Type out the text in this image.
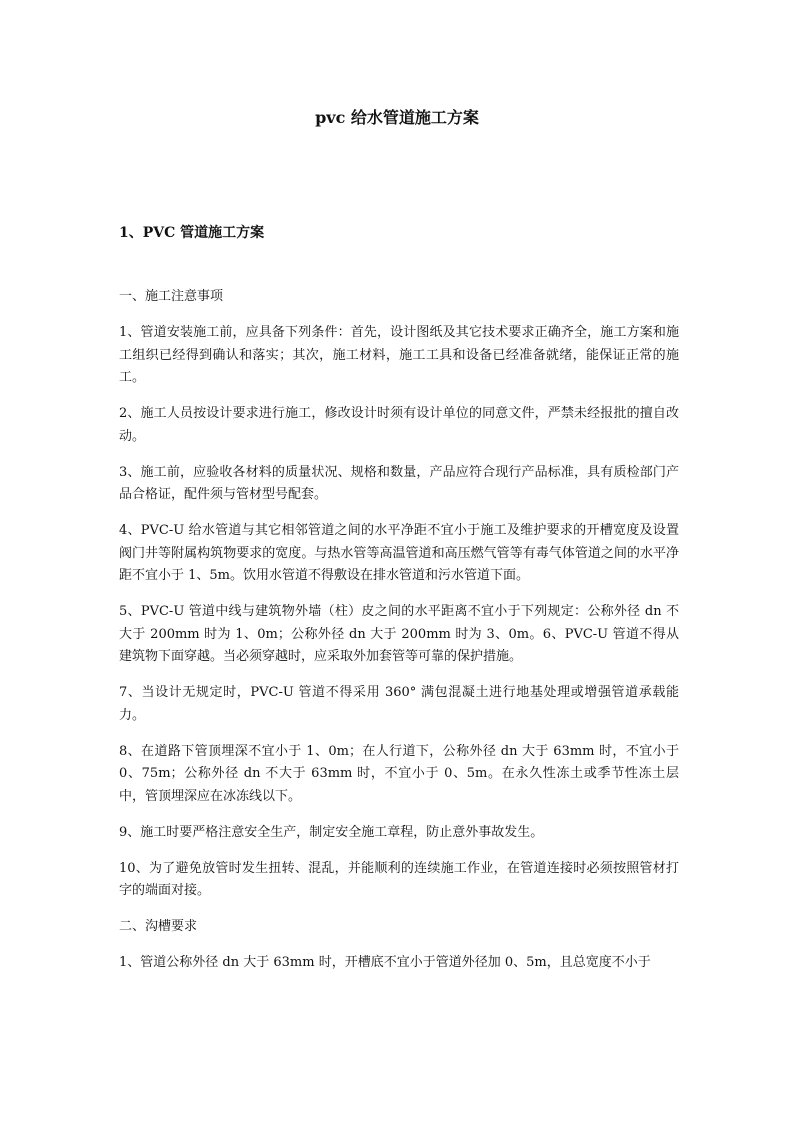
pvc 给水管道施工方案
1、PVC 管道施工方案

一、施工注意事项

1、管道安装施工前，应具备下列条件：首先，设计图纸及其它技术要求正确齐全，施工方案和施工组织已经得到确认和落实；其次，施工材料，施工工具和设备已经准备就绪，能保证正常的施工。

2、施工人员按设计要求进行施工，修改设计时须有设计单位的同意文件，严禁未经报批的擅自改动。

3、施工前，应验收各材料的质量状况、规格和数量，产品应符合现行产品标准，具有质检部门产品合格证，配件须与管材型号配套。

4、PVC-U 给水管道与其它相邻管道之间的水平净距不宜小于施工及维护要求的开槽宽度及设置阀门井等附属构筑物要求的宽度。与热水管等高温管道和高压燃气管等有毒气体管道之间的水平净距不宜小于 1、5m。饮用水管道不得敷设在排水管道和污水管道下面。

5、PVC-U 管道中线与建筑物外墙（柱）皮之间的水平距离不宜小于下列规定：公称外径 dn 不大于 200mm 时为 1、0m；公称外径 dn 大于 200mm 时为 3、0m。6、PVC-U 管道不得从建筑物下面穿越。当必须穿越时，应采取外加套管等可靠的保护措施。

7、当设计无规定时，PVC-U 管道不得采用 360° 满包混凝土进行地基处理或增强管道承载能力。

8、在道路下管顶埋深不宜小于 1、0m；在人行道下，公称外径 dn 大于 63mm 时，不宜小于 0、75m；公称外径 dn 不大于 63mm 时，不宜小于 0、5m。在永久性冻土或季节性冻土层中，管顶埋深应在冰冻线以下。

9、施工时要严格注意安全生产，制定安全施工章程，防止意外事故发生。

10、为了避免放管时发生扭转、混乱，并能顺利的连续施工作业，在管道连接时必须按照管材打字的端面对接。

二、沟槽要求

1、管道公称外径 dn 大于 63mm 时，开槽底不宜小于管道外径加 0、5m，且总宽度不小于
